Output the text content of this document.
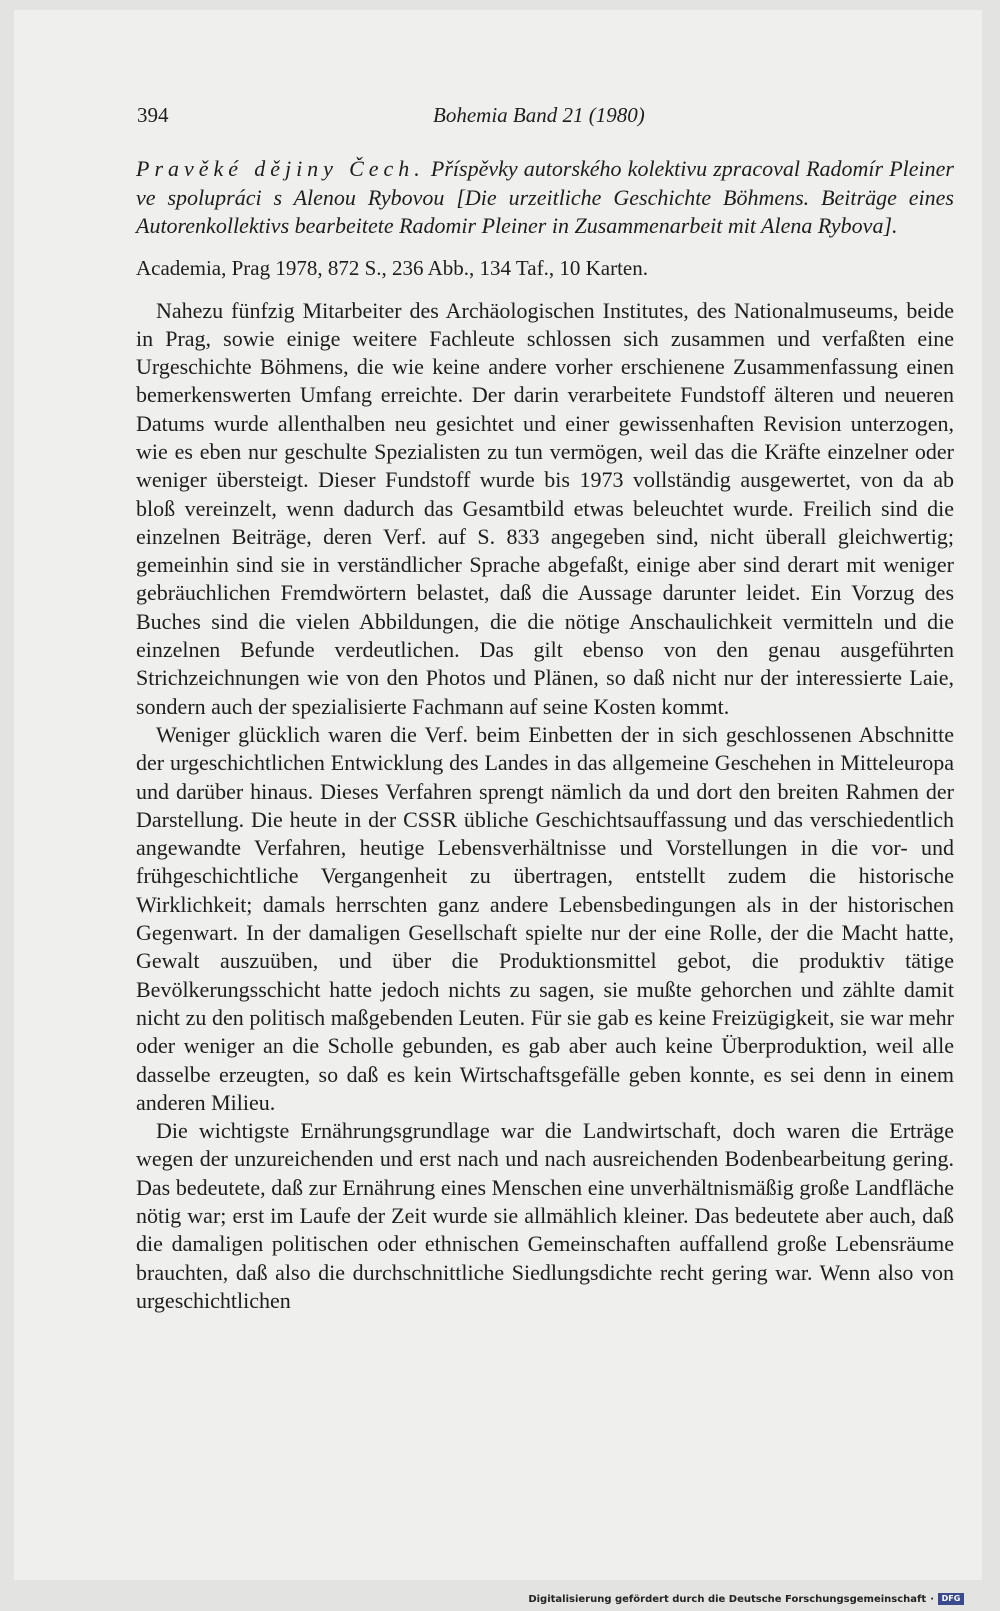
394	Bohemia Band 21 (1980)

Pravěké dějiny Čech. Příspěvky autorského kolektivu zpracoval Radomír Pleiner ve spolupráci s Alenou Rybovou [Die urzeitliche Geschichte Böhmens. Beiträge eines Autorenkollektivs bearbeitete Radomir Pleiner in Zusammenarbeit mit Alena Rybova].

Academia, Prag 1978, 872 S., 236 Abb., 134 Taf., 10 Karten.

Nahezu fünfzig Mitarbeiter des Archäologischen Institutes, des Nationalmuseums, beide in Prag, sowie einige weitere Fachleute schlossen sich zusammen und verfaßten eine Urgeschichte Böhmens, die wie keine andere vorher erschienene Zusammenfassung einen bemerkenswerten Umfang erreichte. Der darin verarbeitete Fundstoff älteren und neueren Datums wurde allenthalben neu gesichtet und einer gewissenhaften Revision unterzogen, wie es eben nur geschulte Spezialisten zu tun vermögen, weil das die Kräfte einzelner oder weniger übersteigt. Dieser Fundstoff wurde bis 1973 vollständig ausgewertet, von da ab bloß vereinzelt, wenn dadurch das Gesamtbild etwas beleuchtet wurde. Freilich sind die einzelnen Beiträge, deren Verf. auf S. 833 angegeben sind, nicht überall gleichwertig; gemeinhin sind sie in verständlicher Sprache abgefaßt, einige aber sind derart mit weniger gebräuchlichen Fremdwörtern belastet, daß die Aussage darunter leidet. Ein Vorzug des Buches sind die vielen Abbildungen, die die nötige Anschaulichkeit vermitteln und die einzelnen Befunde verdeutlichen. Das gilt ebenso von den genau ausgeführten Strichzeichnungen wie von den Photos und Plänen, so daß nicht nur der interessierte Laie, sondern auch der spezialisierte Fachmann auf seine Kosten kommt.

Weniger glücklich waren die Verf. beim Einbetten der in sich geschlossenen Abschnitte der urgeschichtlichen Entwicklung des Landes in das allgemeine Geschehen in Mitteleuropa und darüber hinaus. Dieses Verfahren sprengt nämlich da und dort den breiten Rahmen der Darstellung. Die heute in der CSSR übliche Geschichtsauffassung und das verschiedentlich angewandte Verfahren, heutige Lebensverhältnisse und Vorstellungen in die vor- und frühgeschichtliche Vergangenheit zu übertragen, entstellt zudem die historische Wirklichkeit; damals herrschten ganz andere Lebensbedingungen als in der historischen Gegenwart. In der damaligen Gesellschaft spielte nur der eine Rolle, der die Macht hatte, Gewalt auszuüben, und über die Produktionsmittel gebot, die produktiv tätige Bevölkerungsschicht hatte jedoch nichts zu sagen, sie mußte gehorchen und zählte damit nicht zu den politisch maßgebenden Leuten. Für sie gab es keine Freizügigkeit, sie war mehr oder weniger an die Scholle gebunden, es gab aber auch keine Überproduktion, weil alle dasselbe erzeugten, so daß es kein Wirtschaftsgefälle geben konnte, es sei denn in einem anderen Milieu.

Die wichtigste Ernährungsgrundlage war die Landwirtschaft, doch waren die Erträge wegen der unzureichenden und erst nach und nach ausreichenden Bodenbearbeitung gering. Das bedeutete, daß zur Ernährung eines Menschen eine unverhältnismäßig große Landfläche nötig war; erst im Laufe der Zeit wurde sie allmählich kleiner. Das bedeutete aber auch, daß die damaligen politischen oder ethnischen Gemeinschaften auffallend große Lebensräume brauchten, daß also die durchschnittliche Siedlungsdichte recht gering war. Wenn also von urgeschichtlichen

Digitalisierung gefördert durch die Deutsche Forschungsgemeinschaft · DFG
